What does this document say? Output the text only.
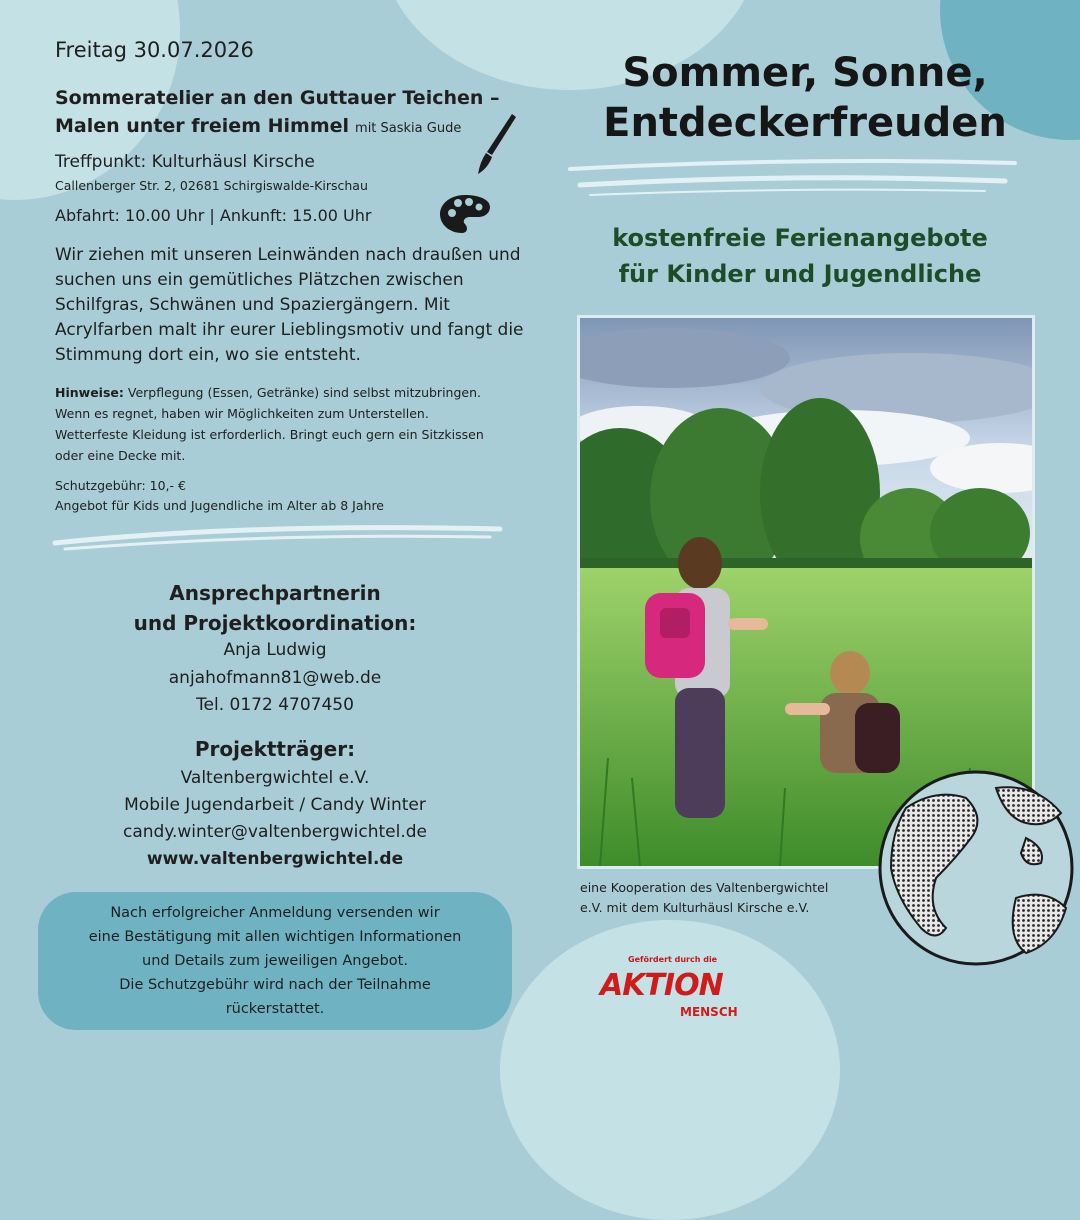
Freitag 30.07.2026
Sommeratelier an den Guttauer Teichen –
Malen unter freiem Himmel mit Saskia Gude
Treffpunkt: Kulturhäusl Kirsche
Callenberger Str. 2, 02681 Schirgiswalde-Kirschau
Abfahrt: 10.00 Uhr | Ankunft: 15.00 Uhr
Wir ziehen mit unseren Leinwänden nach draußen und suchen uns ein gemütliches Plätzchen zwischen Schilfgras, Schwänen und Spaziergängern. Mit Acrylfarben malt ihr eurer Lieblingsmotiv und fangt die Stimmung dort ein, wo sie entsteht.
Hinweise: Verpflegung (Essen, Getränke) sind selbst mitzubringen. Wenn es regnet, haben wir Möglichkeiten zum Unterstellen. Wetterfeste Kleidung ist erforderlich. Bringt euch gern ein Sitzkissen oder eine Decke mit.
Schutzgebühr: 10,- €
Angebot für Kids und Jugendliche im Alter ab 8 Jahre
Ansprechpartnerin
und Projektkoordination:
Anja Ludwig
anjahofmann81@web.de
Tel. 0172 4707450
Projektträger:
Valtenbergwichtel e.V.
Mobile Jugendarbeit / Candy Winter
candy.winter@valtenbergwichtel.de
www.valtenbergwichtel.de
Nach erfolgreicher Anmeldung versenden wir
eine Bestätigung mit allen wichtigen Informationen
und Details zum jeweiligen Angebot.
Die Schutzgebühr wird nach der Teilnahme
rückerstattet.
Sommer, Sonne,
Entdeckerfreuden
kostenfreie Ferienangebote
für Kinder und Jugendliche
eine Kooperation des Valtenbergwichtel
e.V. mit dem Kulturhäusl Kirsche e.V.
Gefördert durch die
AKTION
MENSCH
